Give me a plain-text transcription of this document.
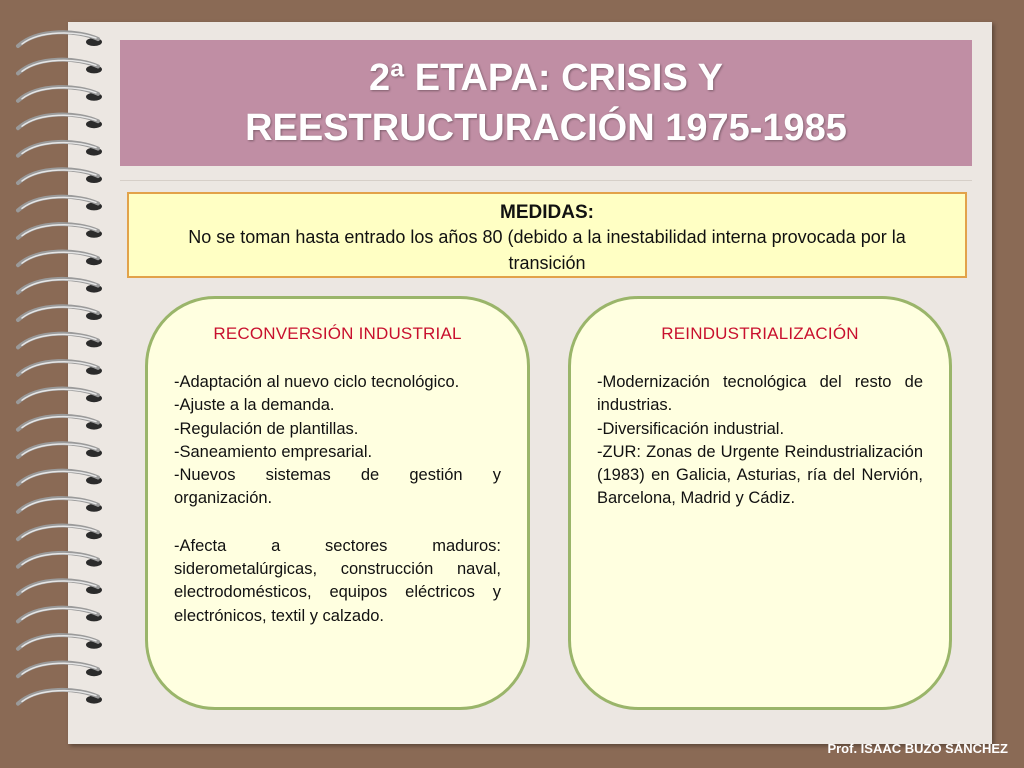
2ª ETAPA: CRISIS Y
REESTRUCTURACIÓN 1975-1985
MEDIDAS:
No se toman hasta entrado los años 80 (debido a la inestabilidad interna provocada por la transición
RECONVERSIÓN INDUSTRIAL

-Adaptación al nuevo ciclo tecnológico.

-Ajuste a la demanda.

-Regulación de plantillas.

-Saneamiento empresarial.

-Nuevos sistemas de gestión y organización.

-Afecta a sectores maduros: siderometalúrgicas, construcción naval, electrodomésticos, equipos eléctricos y electrónicos, textil y calzado.

REINDUSTRIALIZACIÓN

-Modernización tecnológica del resto de industrias.

-Diversificación industrial.

-ZUR: Zonas de Urgente Reindustrialización (1983) en Galicia, Asturias, ría del Nervión, Barcelona, Madrid y Cádiz.

Prof. ISAAC BUZO SÁNCHEZ
